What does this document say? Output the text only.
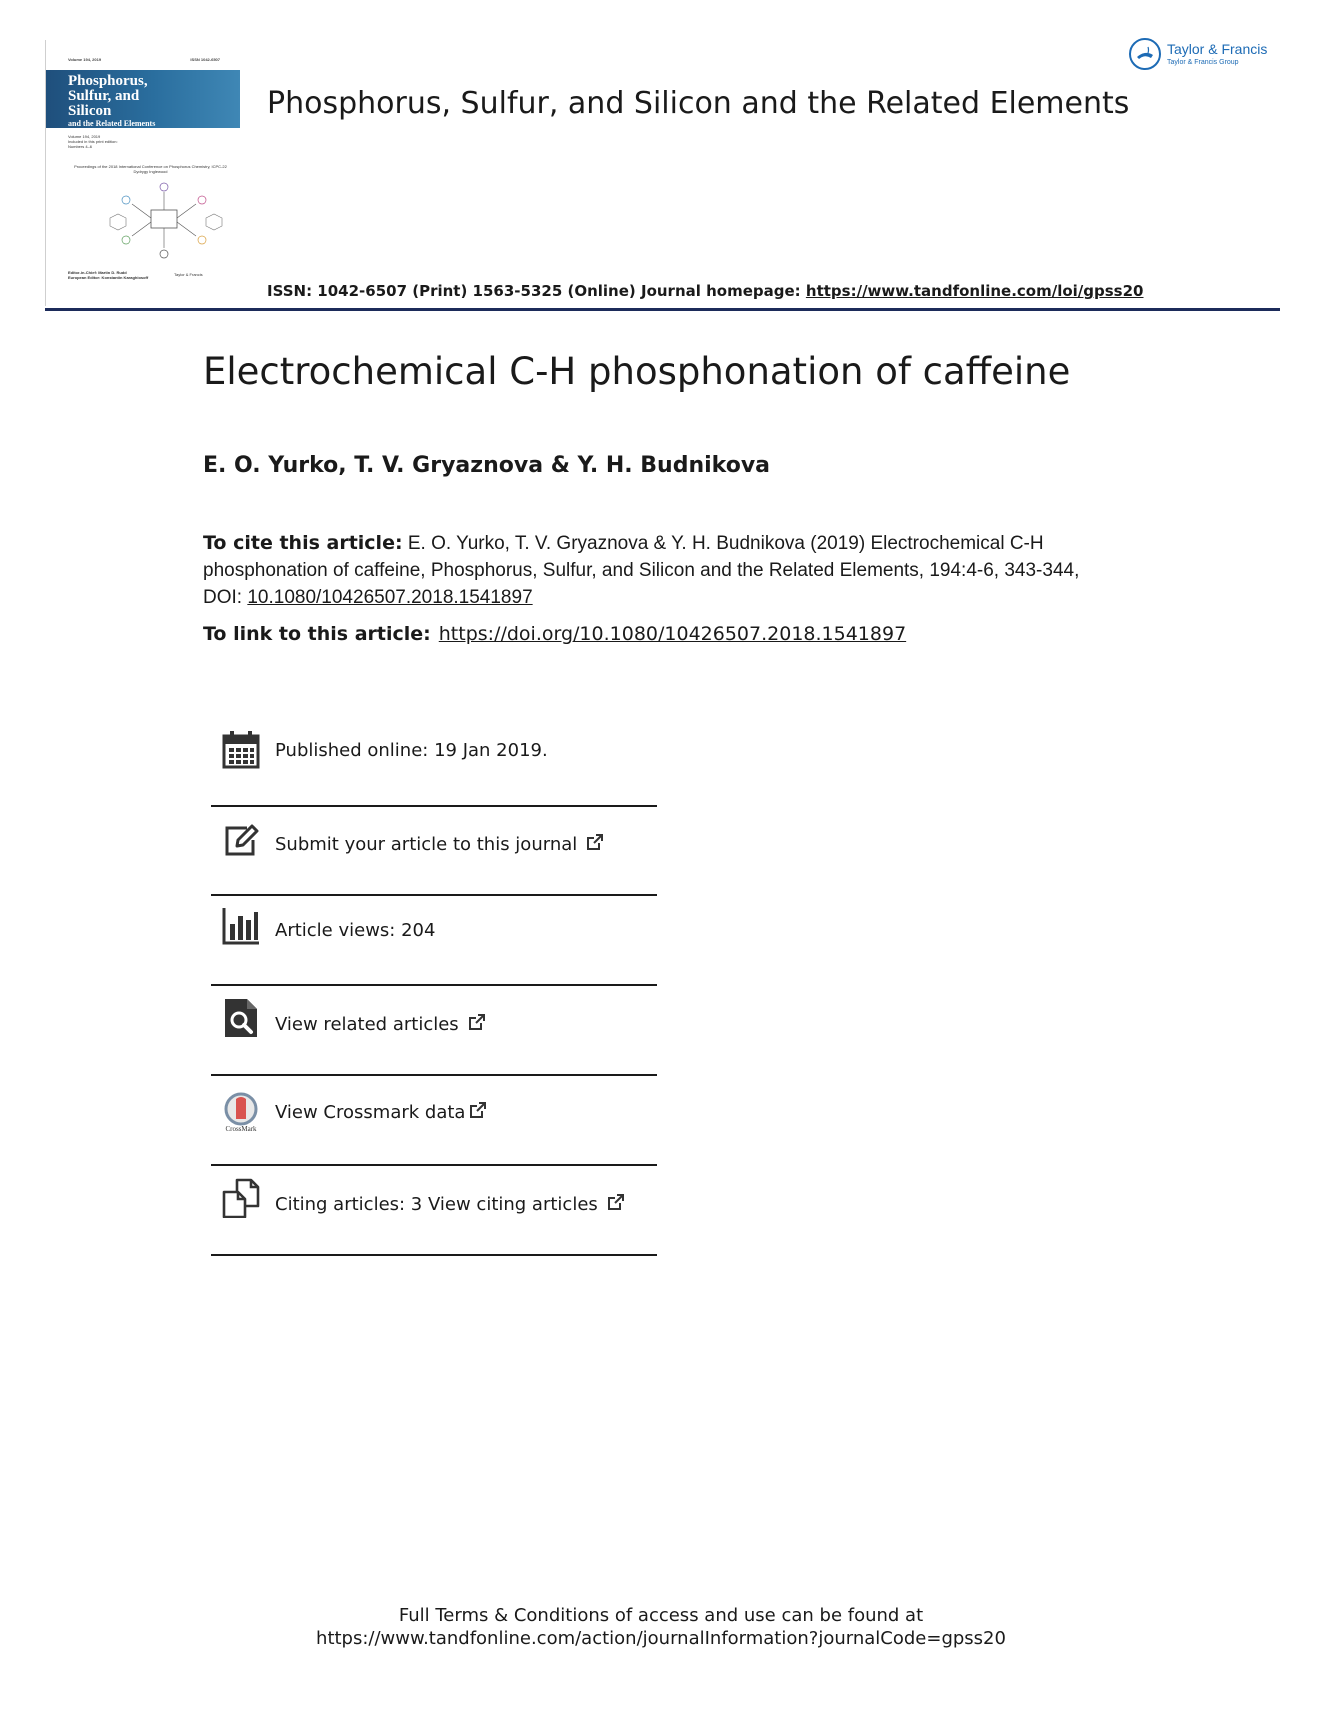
Volume 194, 2019	ISSN 1042-6507
Phosphorus,
Sulfur, and
Silicon
and the Related Elements
Volume 194, 2019
Included in this print edition:
Numbers 4–6
Proceedings of the 2018 International Conference on Phosphorus Chemistry, ICPC-22
Dydrygy Inglewood
Editor-in-Chief: Martin D. Rudd
European Editor: Konstantin Karaghiosoff
Taylor & Francis
Phosphorus, Sulfur, and Silicon and the Related Elements
Taylor & Francis
Taylor & Francis Group
ISSN: 1042-6507 (Print) 1563-5325 (Online) Journal homepage: https://www.tandfonline.com/loi/gpss20
Electrochemical C-H phosphonation of caffeine
E. O. Yurko, T. V. Gryaznova & Y. H. Budnikova
To cite this article: E. O. Yurko, T. V. Gryaznova & Y. H. Budnikova (2019) Electrochemical C-H phosphonation of caffeine, Phosphorus, Sulfur, and Silicon and the Related Elements, 194:4-6, 343-344, DOI: 10.1080/10426507.2018.1541897
To link to this article: https://doi.org/10.1080/10426507.2018.1541897
Published online: 19 Jan 2019.
Submit your article to this journal
Article views: 204
View related articles
CrossMark
View Crossmark data
Citing articles: 3 View citing articles
Full Terms & Conditions of access and use can be found at
https://www.tandfonline.com/action/journalInformation?journalCode=gpss20
